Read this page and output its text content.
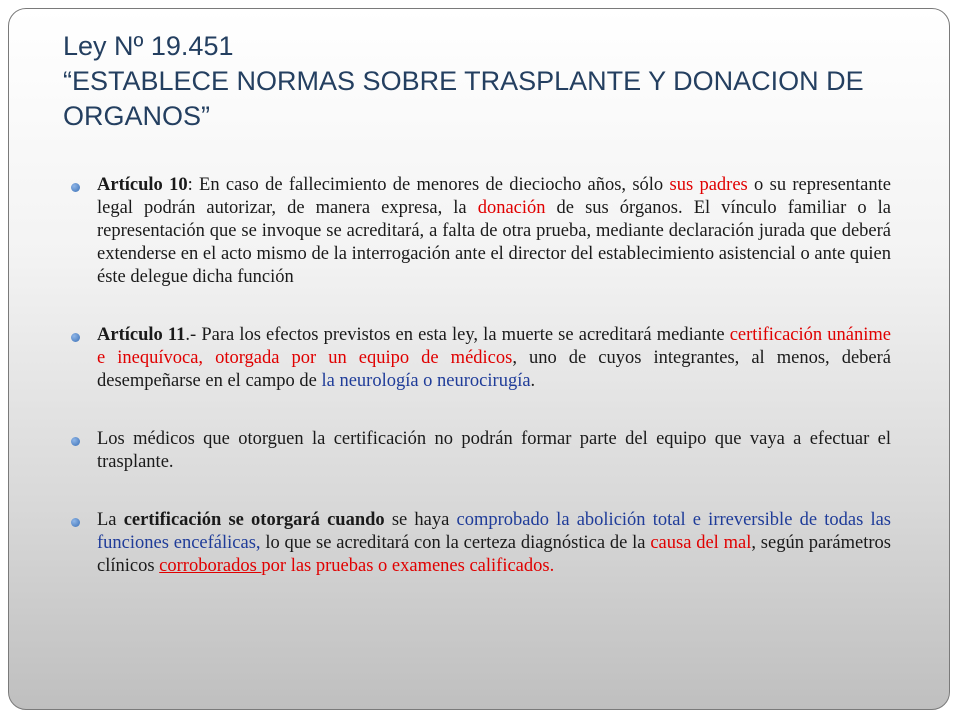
Ley Nº 19.451
“ESTABLECE NORMAS SOBRE TRASPLANTE Y DONACION DE ORGANOS”
Artículo 10: En caso de fallecimiento de menores de dieciocho años, sólo sus padres o su representante legal podrán autorizar, de manera expresa, la donación de sus órganos. El vínculo familiar o la representación que se invoque se acreditará, a falta de otra prueba, mediante declaración jurada que deberá extenderse en el acto mismo de la interrogación ante el director del establecimiento asistencial o ante quien éste delegue dicha función
Artículo 11.- Para los efectos previstos en esta ley, la muerte se acreditará mediante certificación unánime e inequívoca, otorgada por un equipo de médicos, uno de cuyos integrantes, al menos, deberá desempeñarse en el campo de la neurología o neurocirugía.
Los médicos que otorguen la certificación no podrán formar parte del equipo que vaya a efectuar el trasplante.
La certificación se otorgará cuando se haya comprobado la abolición total e irreversible de todas las funciones encefálicas, lo que se acreditará con la certeza diagnóstica de la causa del mal, según parámetros clínicos corroborados por las pruebas o examenes calificados.
